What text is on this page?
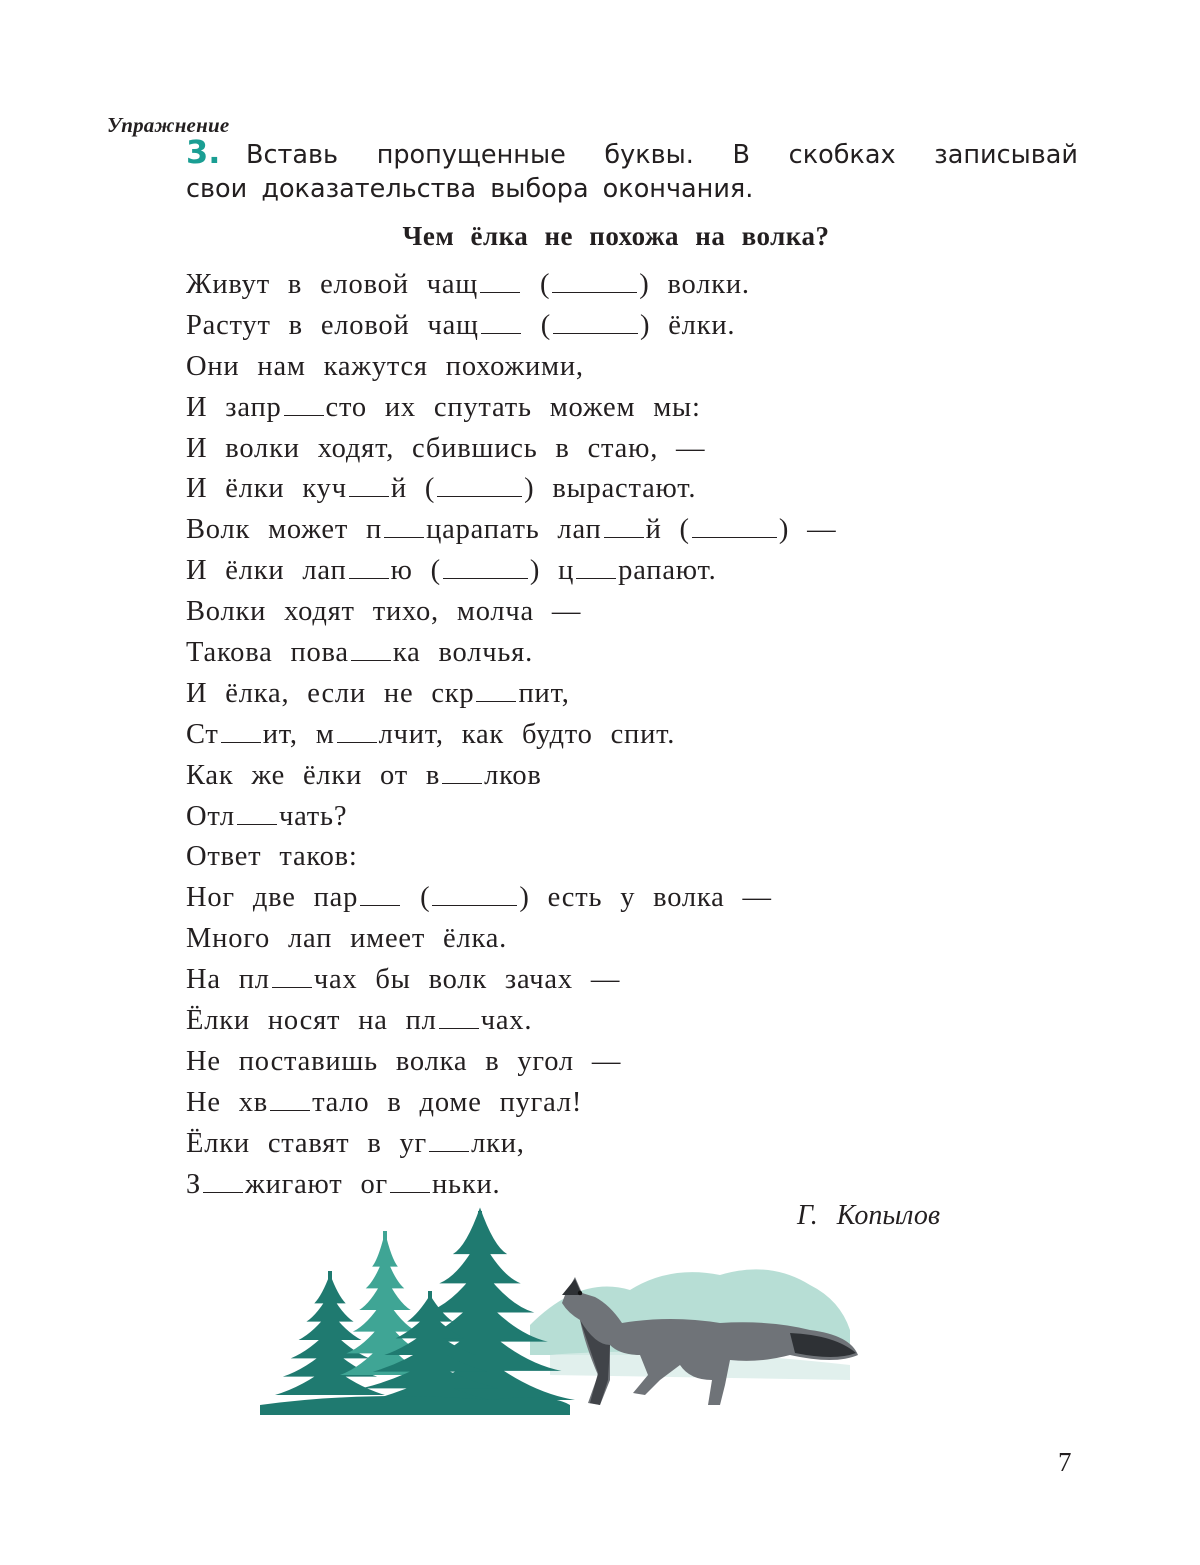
Упражнение
3. Вставь пропущенные буквы. В скобках записывай
свои доказательства выбора окончания.
Чем ёлка не похожа на волка?
Живут в еловой чащ (	) волки.
Растут в еловой чащ (	) ёлки.
Они нам кажутся похожими,
И запр сто их спутать можем мы:
И волки ходят, сбившись в стаю, —
И ёлки куч й (	) вырастают.
Волк может п царапать лап й (	) —
И ёлки лап ю (	) ц рапают.
Волки ходят тихо, молча —
Такова пова ка волчья.
И ёлка, если не скр пит,
Ст ит, м лчит, как будто спит.
Как же ёлки от в лков
Отл чать?
Ответ таков:
Ног две пар (	) есть у волка —
Много лап имеет ёлка.
На пл чах бы волк зачах —
Ёлки носят на пл чах.
Не поставишь волка в угол —
Не хв тало в доме пугал!
Ёлки ставят в уг лки,
З жигают ог ньки.
Г. Копылов
7
